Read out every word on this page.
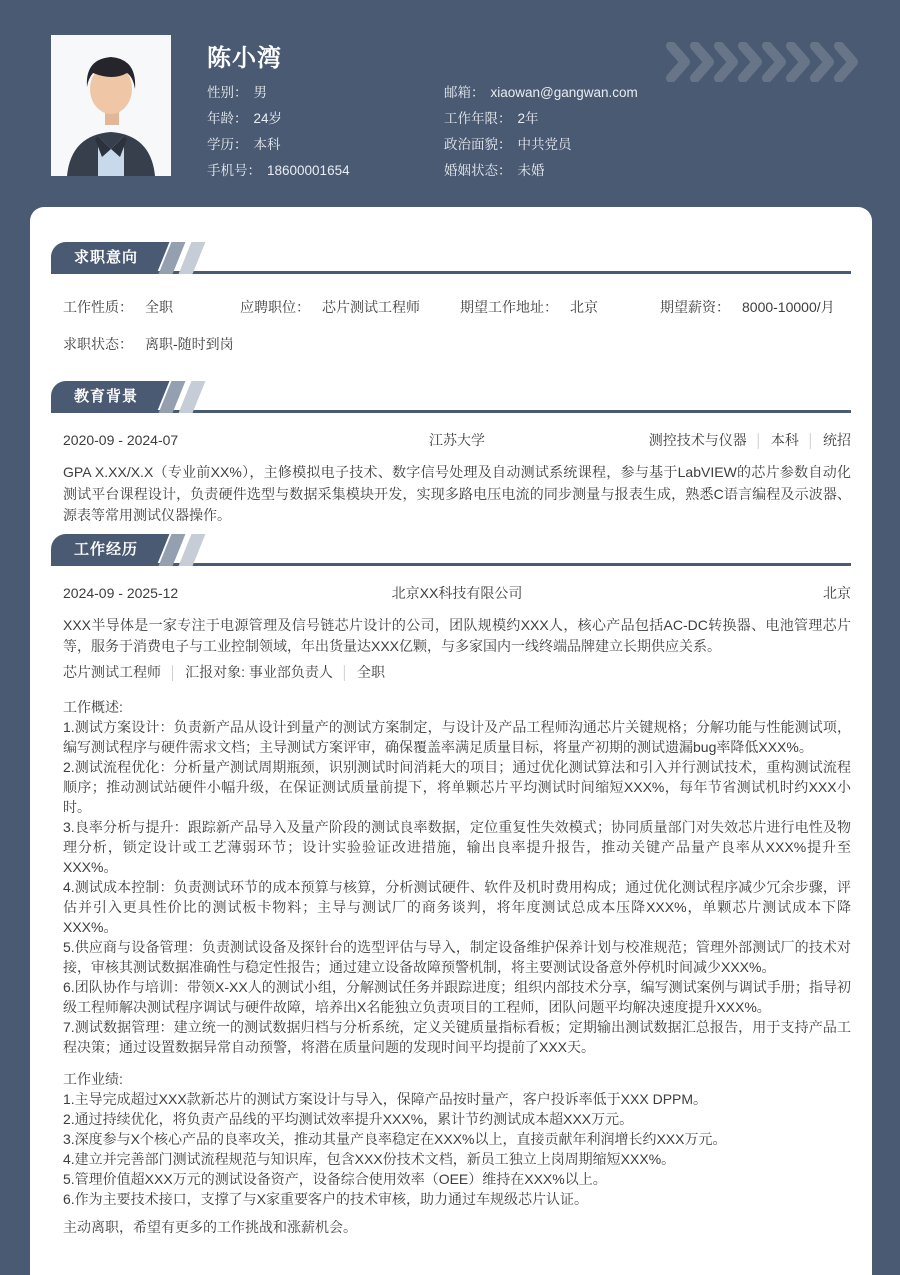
陈小湾
性别： 男
年龄： 24岁
学历： 本科
手机号： 18600001654
邮箱： xiaowan@gangwan.com
工作年限： 2年
政治面貌： 中共党员
婚姻状态： 未婚
求职意向
工作性质： 全职	应聘职位： 芯片测试工程师	期望工作地址： 北京	期望薪资： 8000-10000/月
求职状态： 离职-随时到岗
教育背景
2020-09 - 2024-07	江苏大学	测控技术与仪器 │ 本科 │ 统招

GPA X.XX/X.X（专业前XX%），主修模拟电子技术、数字信号处理及自动测试系统课程，参与基于LabVIEW的芯片参数自动化测试平台课程设计，负责硬件选型与数据采集模块开发，实现多路电压电流的同步测量与报表生成，熟悉C语言编程及示波器、源表等常用测试仪器操作。

工作经历
2024-09 - 2025-12	北京XX科技有限公司	北京

XXX半导体是一家专注于电源管理及信号链芯片设计的公司，团队规模约XXX人，核心产品包括AC-DC转换器、电池管理芯片等，服务于消费电子与工业控制领域，年出货量达XXX亿颗，与多家国内一线终端品牌建立长期供应关系。

芯片测试工程师 │ 汇报对象: 事业部负责人 │ 全职
工作概述:
1.测试方案设计：负责新产品从设计到量产的测试方案制定，与设计及产品工程师沟通芯片关键规格；分解功能与性能测试项，编写测试程序与硬件需求文档；主导测试方案评审，确保覆盖率满足质量目标，将量产初期的测试遗漏bug率降低XXX%。
2.测试流程优化：分析量产测试周期瓶颈，识别测试时间消耗大的项目；通过优化测试算法和引入并行测试技术，重构测试流程顺序；推动测试站硬件小幅升级，在保证测试质量前提下，将单颗芯片平均测试时间缩短XXX%，每年节省测试机时约XXX小时。
3.良率分析与提升：跟踪新产品导入及量产阶段的测试良率数据，定位重复性失效模式；协同质量部门对失效芯片进行电性及物理分析，锁定设计或工艺薄弱环节；设计实验验证改进措施，输出良率提升报告，推动关键产品量产良率从XXX%提升至XXX%。
4.测试成本控制：负责测试环节的成本预算与核算，分析测试硬件、软件及机时费用构成；通过优化测试程序减少冗余步骤，评估并引入更具性价比的测试板卡物料；主导与测试厂的商务谈判，将年度测试总成本压降XXX%，单颗芯片测试成本下降XXX%。
5.供应商与设备管理：负责测试设备及探针台的选型评估与导入，制定设备维护保养计划与校准规范；管理外部测试厂的技术对接，审核其测试数据准确性与稳定性报告；通过建立设备故障预警机制，将主要测试设备意外停机时间减少XXX%。
6.团队协作与培训：带领X-XX人的测试小组，分解测试任务并跟踪进度；组织内部技术分享，编写测试案例与调试手册；指导初级工程师解决测试程序调试与硬件故障，培养出X名能独立负责项目的工程师，团队问题平均解决速度提升XXX%。
7.测试数据管理：建立统一的测试数据归档与分析系统，定义关键质量指标看板；定期输出测试数据汇总报告，用于支持产品工程决策；通过设置数据异常自动预警，将潜在质量问题的发现时间平均提前了XXX天。
工作业绩:
1.主导完成超过XXX款新芯片的测试方案设计与导入，保障产品按时量产，客户投诉率低于XXX DPPM。
2.通过持续优化，将负责产品线的平均测试效率提升XXX%，累计节约测试成本超XXX万元。
3.深度参与X个核心产品的良率攻关，推动其量产良率稳定在XXX%以上，直接贡献年利润增长约XXX万元。
4.建立并完善部门测试流程规范与知识库，包含XXX份技术文档，新员工独立上岗周期缩短XXX%。
5.管理价值超XXX万元的测试设备资产，设备综合使用效率（OEE）维持在XXX%以上。
6.作为主要技术接口，支撑了与X家重要客户的技术审核，助力通过车规级芯片认证。
主动离职，希望有更多的工作挑战和涨薪机会。
